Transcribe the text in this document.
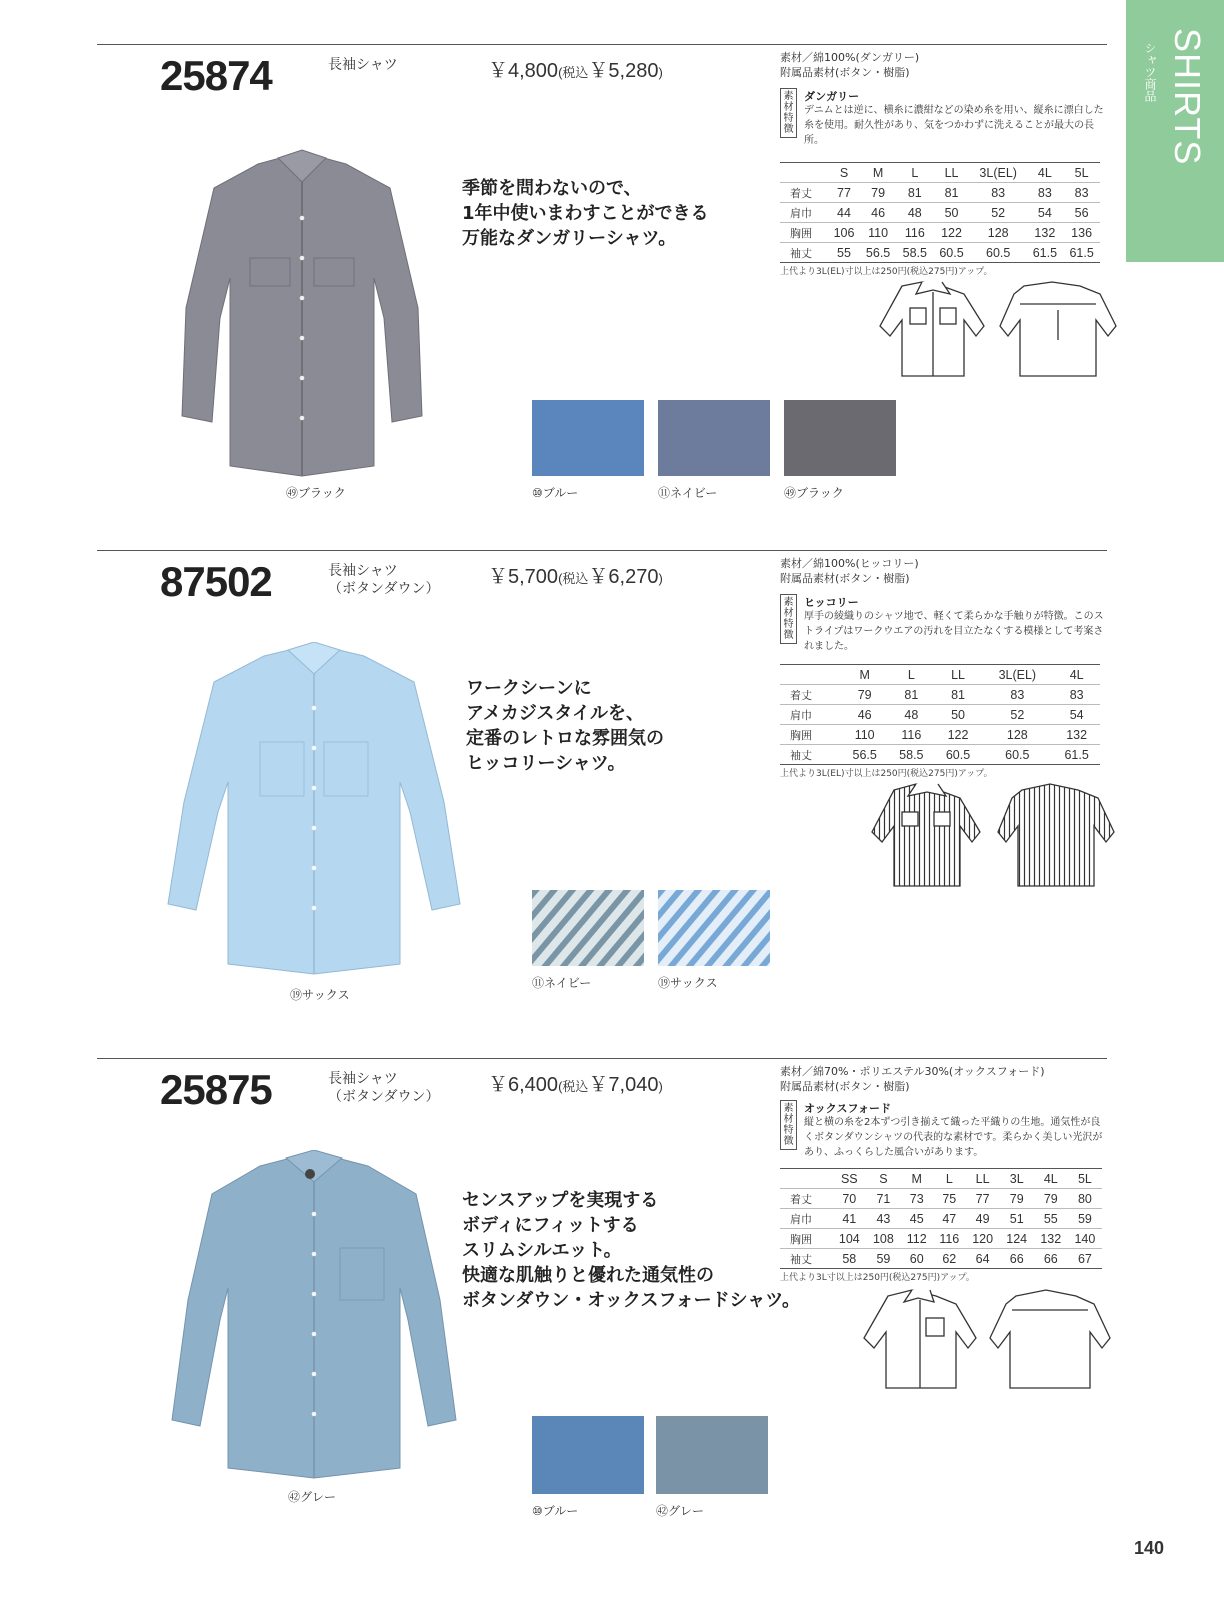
SHIRTS
シャツ商品
25874	長袖シャツ	￥4,800(税込￥5,280)
素材／綿100%(ダンガリー)
附属品素材(ボタン・樹脂)
素材特徴
ダンガリー
デニムとは逆に、横糸に濃紺などの染め糸を用い、縦糸に漂白した糸を使用。耐久性があり、気をつかわずに洗えることが最大の長所。
季節を問わないので、
1年中使いまわすことができる
万能なダンガリーシャツ。
	S	M	L	LL	3L(EL)	4L	5L
着丈	77	79	81	81	83	83	83
肩巾	44	46	48	50	52	54	56
胸囲	106	110	116	122	128	132	136
袖丈	55	56.5	58.5	60.5	60.5	61.5	61.5
上代より3L(EL)寸以上は250円(税込275円)アップ。
㊾ブラック	⑩ブルー	⑪ネイビー	㊾ブラック
87502	長袖シャツ
（ボタンダウン）
￥5,700(税込￥6,270)
素材／綿100%(ヒッコリー)
附属品素材(ボタン・樹脂)
素材特徴
ヒッコリー
厚手の綾織りのシャツ地で、軽くて柔らかな手触りが特徴。このストライプはワークウエアの汚れを目立たなくする模様として考案されました。
ワークシーンに
アメカジスタイルを、
定番のレトロな雰囲気の
ヒッコリーシャツ。
	M	L	LL	3L(EL)	4L
着丈	79	81	81	83	83
肩巾	46	48	50	52	54
胸囲	110	116	122	128	132
袖丈	56.5	58.5	60.5	60.5	61.5
上代より3L(EL)寸以上は250円(税込275円)アップ。
⑲サックス
⑪ネイビー	⑲サックス
25875	長袖シャツ
（ボタンダウン）
￥6,400(税込￥7,040)
素材／綿70%・ポリエステル30%(オックスフォード)
附属品素材(ボタン・樹脂)
素材特徴
オックスフォード
縦と横の糸を2本ずつ引き揃えて織った平織りの生地。通気性が良くボタンダウンシャツの代表的な素材です。柔らかく美しい光沢があり、ふっくらした風合いがあります。
センスアップを実現する
ボディにフィットする
スリムシルエット。
快適な肌触りと優れた通気性の
ボタンダウン・オックスフォードシャツ。
	SS	S	M	L	LL	3L	4L	5L
着丈	70	71	73	75	77	79	79	80
肩巾	41	43	45	47	49	51	55	59
胸囲	104	108	112	116	120	124	132	140
袖丈	58	59	60	62	64	66	66	67
上代より3L寸以上は250円(税込275円)アップ。
㊷グレー
⑩ブルー	㊷グレー
140
